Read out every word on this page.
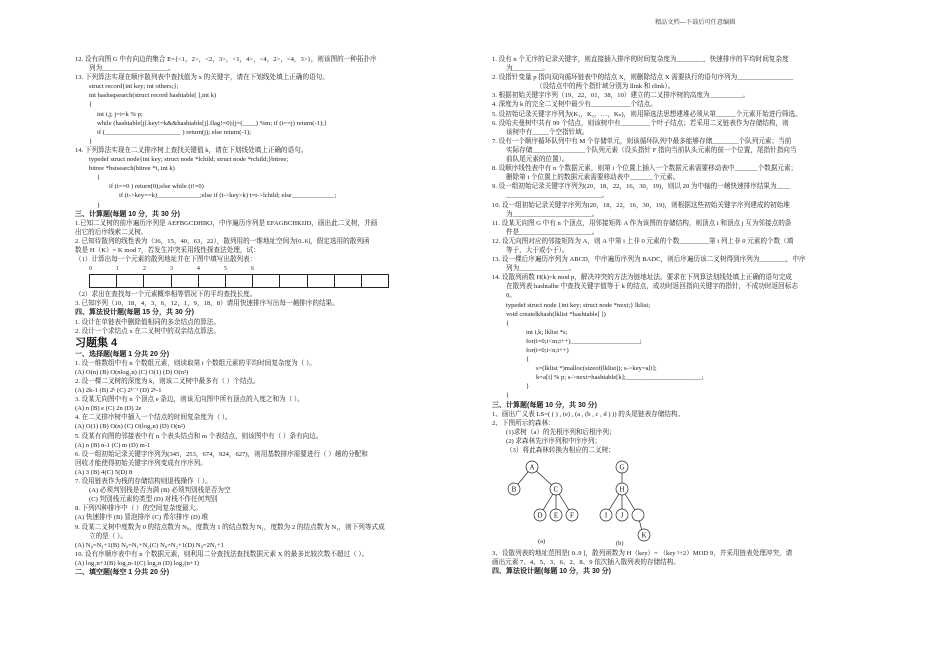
精品文档---下载后可任意编辑
12. 设有向图 G 中有向边的集合 E={<1，2>，<2，3>，<1，4>，<4，2>，<4，3>}，则该图的一种拓扑序
列为____________________。
13. 下列算法实现在顺序散列表中查找值为 x 的关键字，请在下划线处填上正确的语句。
struct record{int key; int others;};
int hashsqsearch(struct record hashtable[ ],int k)
{
int i,j; j=i=k % p;
while (hashtable[j].key!=k&&hashtable[j].flag!=0){j=(____) %m; if (i==j) return(-1);}
if (_______________________ ) return(j); else return(-1);
}
14. 下列算法实现在二叉排序树上查找关键值 k，请在下划线处填上正确的语句。
typedef struct node{int key; struct node *lchild; struct node *rchild;}bitree;
bitree *bstsearch(bitree *t, int k)
{
if (t==0 ) return(0);else while (t!=0)
if (t->key==k)_____________;else if (t->key>k) t=t->lchild; else_____________;
}
三、计算题(每题 10 分，共 30 分)
1.已知二叉树的前序遍历序列是 AEFBGCDHIKJ，中序遍历序列是 EFAGBCHKIJD，画出此二叉树，并画
出它的后序线索二叉树。
2. 已知待散列的线性表为（36，15，40，63，22），散列用的一维地址空间为[0..6]，假定选用的散列函
数是 H（K）= K mod 7，若发生冲突采用线性探查法处理，试：
（1）计算出每一个元素的散列地址并在下图中填写出散列表：
0	1	2	3	4	5	6
（2）求出在查找每一个元素概率相等情况下的平均查找长度。
3. 已知序列（10，18，4，3，6，12，1，9，18，8）请用快速排序写出每一趟排序的结果。
四、算法设计题(每题 15 分，共 30 分)
1. 设计在单链表中删除值相同的多余结点的算法。
2. 设计一个求结点 x 在二叉树中的双亲结点算法。
习题集 4
一、选择题(每题 1 分共 20 分)
1. 设一维数组中有 n 个数组元素，则读取第 i 个数组元素的平均时间复杂度为（ ）。
(A) O(n) (B) O(nlog₂n) (C) O(1) (D) O(n²)
2. 设一棵二叉树的深度为 k，则该二叉树中最多有（ ）个结点。
(A) 2k-1 (B) 2ᵏ (C) 2ᵏ⁻¹ (D) 2ᵏ-1
3. 设某无向图中有 n 个顶点 e 条边，则该无向图中所有顶点的入度之和为（ ）。
(A) n (B) e (C) 2n (D) 2e
4. 在二叉排序树中插入一个结点的时间复杂度为（ ）。
(A) O(1) (B) O(n) (C) O(log₂n) (D) O(n²)
5. 设某有向图的邻接表中有 n 个表头结点和 m 个表结点，则该图中有（ ）条有向边。
(A) n (B) n-1 (C) m (D) m-1
6. 设一组初始记录关键字序列为(345，253，674，924，627)，则用基数排序需要进行（ ）趟的分配和
回收才能使得初始关键字序列变成有序序列。
(A) 3 (B) 4(C) 5(D) 8
7. 设用链表作为栈的存储结构则退栈操作（ ）。
(A) 必须判别栈是否为满 (B) 必须判别栈是否为空
(C) 判别栈元素的类型 (D) 对栈不作任何判别
8. 下列四种排序中（ ）的空间复杂度最大。
(A) 快速排序 (B) 冒泡排序 (C) 希尔排序 (D) 堆
9. 设某二叉树中度数为 0 的结点数为 N₀，度数为 1 的结点数为 N₁，度数为 2 的结点数为 N₂，则下列等式成
立的是（ ）。
(A) N₀=N₁+1(B) N₀=N₁+N₂(C) N₀=N₂+1(D) N₀=2N₁+1
10. 设有序顺序表中有 n 个数据元素，则利用二分查找法查找数据元素 X 的最多比较次数不超过（ ）。
(A) log₂n+1(B) log₂n-1(C) log₂n (D) log₂(n+1)
二、填空题(每空 1 分共 20 分)
1. 设有 n 个无序的记录关键字，则直接插入排序的时间复杂度为________，快速排序的平均时间复杂度
为_________。
2. 设指针变量 p 指向双向循环链表中的结点 X，则删除结点 X 需要执行的语句序列为_________________
（设结点中的两个指针域分别为 llink 和 rlink）。
3. 根据初始关键字序列（19，22，01，38，10）建立的二叉排序树的高度为__________。
4. 深度为 k 的完全二叉树中最少有____________个结点。
5. 设初始记录关键字序列为(K₁，K₂，…，Kₙ)，则用筛选法思想建堆必须从第______个元素开始进行筛选。
6. 设哈夫曼树中共有 99 个结点，则该树中有_________个叶子结点；若采用二叉链表作为存储结构，则
该树中有_____个空指针域。
7. 设有一个顺序循环队列中有 M 个存储单元，则该循环队列中最多能够存储________个队列元素；当前
实际存储________________个队列元素（设头指针 F 指向当前队头元素的前一个位置，尾指针指向当
前队尾元素的位置）。
8. 设顺序线性表中有 n 个数据元素，则第 i 个位置上插入一个数据元素需要移动表中_______个数据元素；
删除第 i 个位置上的数据元素需要移动表中_______个元素。
9. 设一组初始记录关键字序列为(20，18，22，16，30，19)，则以 20 为中轴的一趟快速排序结果为____
_____________________________。
10. 设一组初始记录关键字序列为(20，18，22，16，30，19)，则根据这些初始关键字序列建成的初始堆
为________________________。
11. 设某无向图 G 中有 n 个顶点，用邻接矩阵 A 作为该图的存储结构，则顶点 i 和顶点 j 互为邻接点的条
件是______________________。
12. 设无向图对应的邻接矩阵为 A，则 A 中第 i 上非 0 元素的个数_________第 i 列上非 0 元素的个数（填
等于，大于或小于）。
13. 设一棵后序遍历序列为 ABCD，中序遍历序列为 BADC，则后序遍历该二叉树得到序列为________，中序
列为_______________。
14. 设散列函数 H(k)=k mod p，解决冲突的方法为链地址法。要求在下列算法划线处填上正确的语句完成
在散列表 hashtalbe 中查找关键字值等于 k 的结点，成功时返回指向关键字的指针，不成功时返回标志
0。
typedef struct node {int key; struct node *next;} lklist;
void createlkhash(lklist *hashtable[ ])
{
int i,k; lklist *s;
for(i=0;i<m;i++)_____________________;
for(i=0;i<n;i++)
{
s=(lklist *)malloc(sizeof(lklist)); s->key=a[i];
k=a[i] % p; s->next=hashtable[k];_______________________;
}
}
三、计算题(每题 10 分，共 30 分)
1、画出广义表 LS=( ( ) , (e) , (a , (b , c , d ) )) 的头尾链表存储结构。
2、下图所示的森林：
(1)求树（a）的先根序列和后根序列；
(2) 求森林先序序列和中序序列；
（3）将此森林转换为相应的二叉树；
A
B	C
D E F
G
H
I J
K
(a)	(b)
3、设散列表的地址范围是[ 0..9 ]，散列函数为 H（key）= （key ²+2）MOD 9，并采用链表处理冲突，请
画出元素 7、4、5、3、6、2、8、9 依次插入散列表的存储结构。
四、算法设计题(每题 10 分，共 30 分)
